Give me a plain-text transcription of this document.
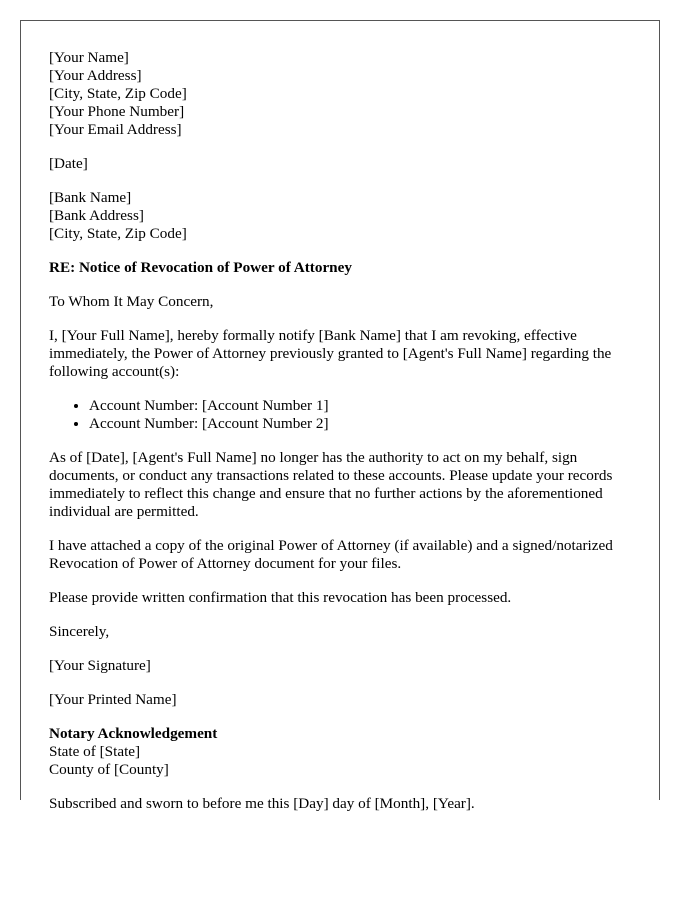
[Your Name]
[Your Address]
[City, State, Zip Code]
[Your Phone Number]
[Your Email Address]
[Date]
[Bank Name]
[Bank Address]
[City, State, Zip Code]

RE: Notice of Revocation of Power of Attorney

To Whom It May Concern,

I, [Your Full Name], hereby formally notify [Bank Name] that I am revoking, effective immediately, the Power of Attorney previously granted to [Agent's Full Name] regarding the following account(s):

• Account Number: [Account Number 1]
• Account Number: [Account Number 2]

As of [Date], [Agent's Full Name] no longer has the authority to act on my behalf, sign documents, or conduct any transactions related to these accounts. Please update your records immediately to reflect this change and ensure that no further actions by the aforementioned individual are permitted.

I have attached a copy of the original Power of Attorney (if available) and a signed/notarized Revocation of Power of Attorney document for your files.

Please provide written confirmation that this revocation has been processed.

Sincerely,

[Your Signature]

[Your Printed Name]

Notary Acknowledgement
State of [State]
County of [County]

Subscribed and sworn to before me this [Day] day of [Month], [Year].
